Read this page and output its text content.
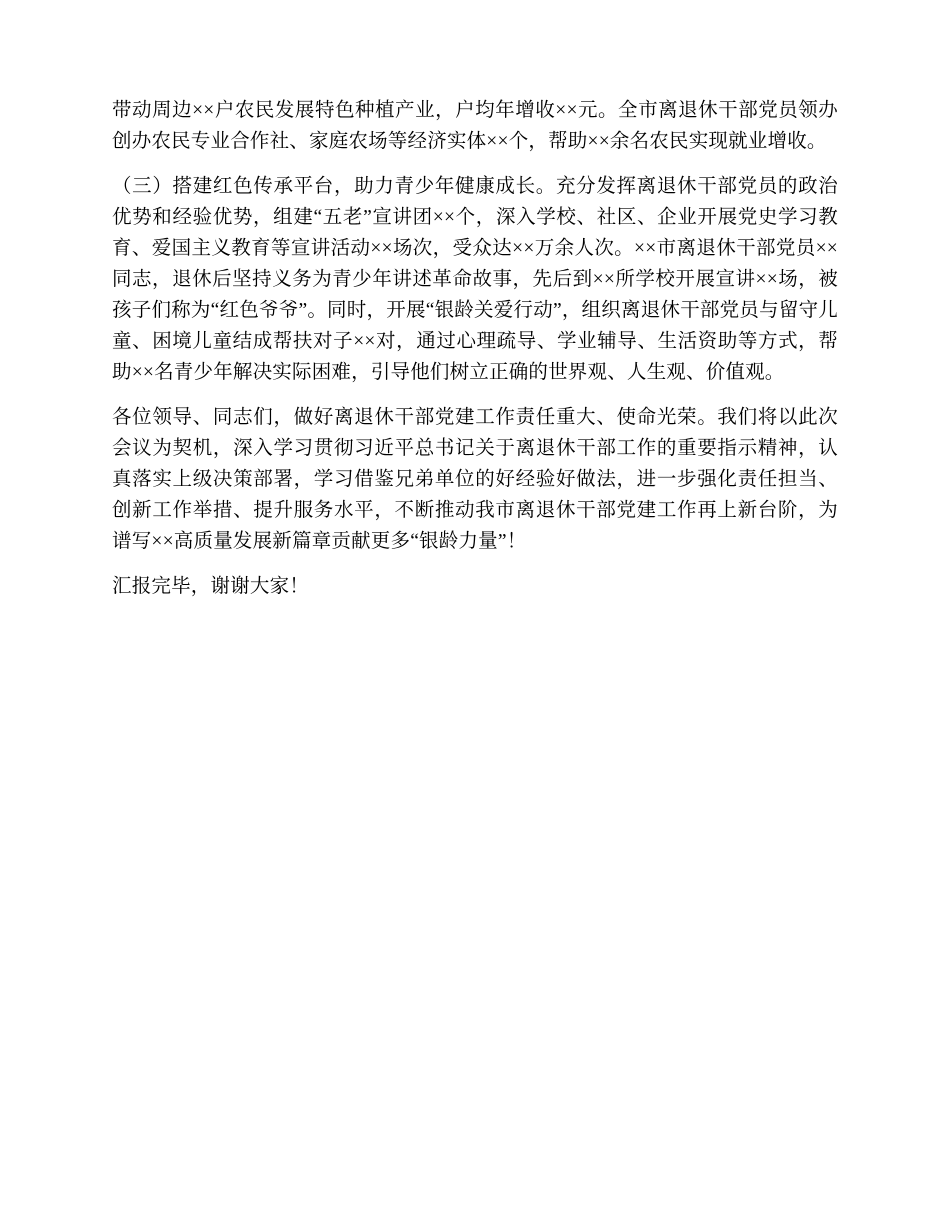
带动周边××户农民发展特色种植产业，户均年增收××元。全市离退休干部党员领办创办农民专业合作社、家庭农场等经济实体××个，帮助××余名农民实现就业增收。

（三）搭建红色传承平台，助力青少年健康成长。充分发挥离退休干部党员的政治优势和经验优势，组建“五老”宣讲团××个，深入学校、社区、企业开展党史学习教育、爱国主义教育等宣讲活动××场次，受众达××万余人次。××市离退休干部党员××同志，退休后坚持义务为青少年讲述革命故事，先后到××所学校开展宣讲××场，被孩子们称为“红色爷爷”。同时，开展“银龄关爱行动”，组织离退休干部党员与留守儿童、困境儿童结成帮扶对子××对，通过心理疏导、学业辅导、生活资助等方式，帮助××名青少年解决实际困难，引导他们树立正确的世界观、人生观、价值观。

各位领导、同志们，做好离退休干部党建工作责任重大、使命光荣。我们将以此次会议为契机，深入学习贯彻习近平总书记关于离退休干部工作的重要指示精神，认真落实上级决策部署，学习借鉴兄弟单位的好经验好做法，进一步强化责任担当、创新工作举措、提升服务水平，不断推动我市离退休干部党建工作再上新台阶，为谱写××高质量发展新篇章贡献更多“银龄力量”！

汇报完毕，谢谢大家！
